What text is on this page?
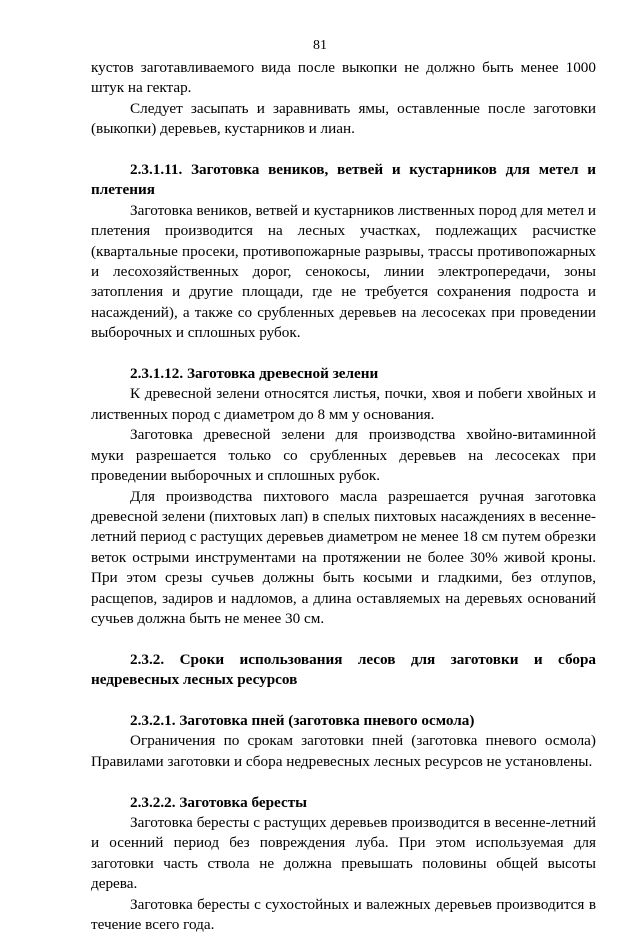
81

кустов заготавливаемого вида после выкопки не должно быть менее 1000 штук на гектар.

Следует засыпать и заравнивать ямы, оставленные после заготовки (выкопки) деревьев, кустарников и лиан.

2.3.1.11. Заготовка веников, ветвей и кустарников для метел и плетения

Заготовка веников, ветвей и кустарников лиственных пород для метел и плетения производится на лесных участках, подлежащих расчистке (квартальные просеки, противопожарные разрывы, трассы противопожарных и лесохозяйственных дорог, сенокосы, линии электропередачи, зоны затопления и другие площади, где не требуется сохранения подроста и насаждений), а также со срубленных деревьев на лесосеках при проведении выборочных и сплошных рубок.

2.3.1.12. Заготовка древесной зелени

К древесной зелени относятся листья, почки, хвоя и побеги хвойных и лиственных пород с диаметром до 8 мм у основания.

Заготовка древесной зелени для производства хвойно-витаминной муки разрешается только со срубленных деревьев на лесосеках при проведении выборочных и сплошных рубок.

Для производства пихтового масла разрешается ручная заготовка древесной зелени (пихтовых лап) в спелых пихтовых насаждениях в весенне-летний период с растущих деревьев диаметром не менее 18 см путем обрезки веток острыми инструментами на протяжении не более 30% живой кроны. При этом срезы сучьев должны быть косыми и гладкими, без отлупов, расщепов, задиров и надломов, а длина оставляемых на деревьях оснований сучьев должна быть не менее 30 см.

2.3.2. Сроки использования лесов для заготовки и сбора недревесных лесных ресурсов
2.3.2.1. Заготовка пней (заготовка пневого осмола)

Ограничения по срокам заготовки пней (заготовка пневого осмола) Правилами заготовки и сбора недревесных лесных ресурсов не установлены.

2.3.2.2. Заготовка бересты

Заготовка бересты с растущих деревьев производится в весенне-летний и осенний период без повреждения луба. При этом используемая для заготовки часть ствола не должна превышать половины общей высоты дерева.

Заготовка бересты с сухостойных и валежных деревьев производится в течение всего года.
